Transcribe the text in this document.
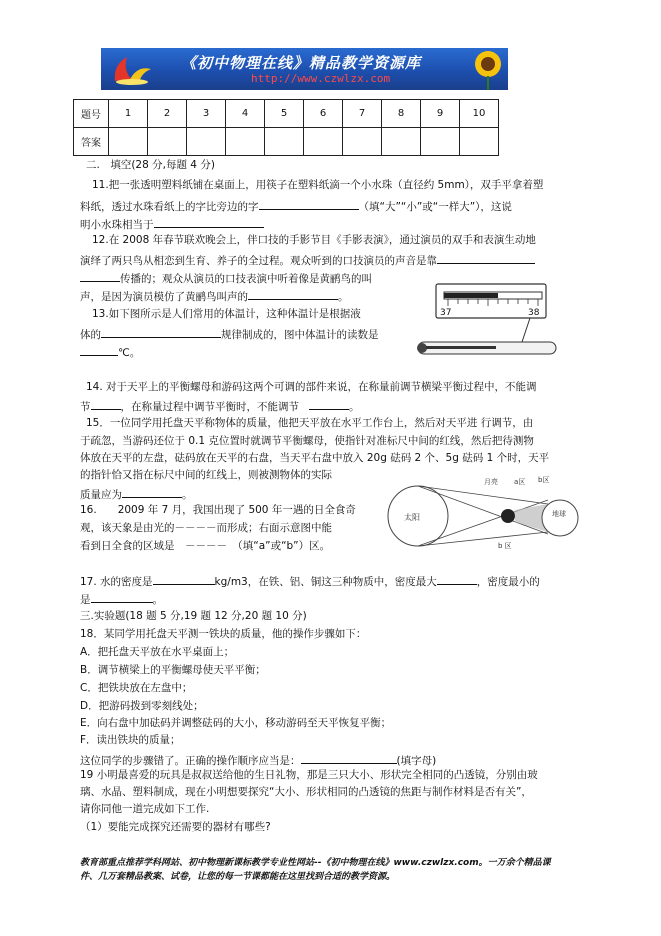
《初中物理在线》精品教学资源库
http://www.czwlzx.com
题号	1	2	3	4	5	6	7	8	9	10
答案										
二.　填空(28 分,每题 4 分)
11.把一张透明塑料纸铺在桌面上，用筷子在塑料纸滴一个小水珠（直径约 5mm），双手平拿着塑
料纸，透过水珠看纸上的字比旁边的字	（填“大”“小”或“一样大”），这说
明小水珠相当于
12.在 2008 年春节联欢晚会上，伴口技的手影节目《手影表演》，通过演员的双手和表演生动地
演绎了两只鸟从相恋到生育、养子的全过程。观众听到的口技演员的声音是靠
传播的；观众从演员的口技表演中听着像是黄鹂鸟的叫
声，是因为演员模仿了黄鹂鸟叫声的	。
13.如下图所示是人们常用的体温计，这种体温计是根据液
体的	规律制成的，图中体温计的读数是
℃。
37	38
14. 对于天平上的平衡螺母和游码这两个可调的部件来说，在称量前调节横梁平衡过程中，不能调
节	，在称量过程中调节平衡时，不能调节	。
15．一位同学用托盘天平称物体的质量，他把天平放在水平工作台上，然后对天平进 行调节，由
于疏忽，当游码还位于 0.1 克位置时就调节平衡螺母，使指针对准标尺中间的红线，然后把待测物
体放在天平的左盘，砝码放在天平的右盘，当天平右盘中放入 20g 砝码 2 个、5g 砝码 1 个时，天平
的指针恰又指在标尺中间的红线上，则被测物体的实际
质量应为	。
16.　　2009 年 7 月，我国出现了 500 年一遇的日全食奇
观，该天象是由光的－－－－而形成；右面示意图中能
看到日全食的区域是　－－－－　（填“a”或“b”）区。
太阳	地球
月亮 a区 b区
b 区
17. 水的密度是	kg/m3，在铁、铝、铜这三种物质中，密度最大	，密度最小的
是	。
三.实验题(18 题 5 分,19 题 12 分,20 题 10 分)
18．某同学用托盘天平测一铁块的质量，他的操作步骤如下：
A．把托盘天平放在水平桌面上；
B．调节横梁上的平衡螺母使天平平衡；
C．把铁块放在左盘中；
D．把游码拨到零刻线处；
E．向右盘中加砝码并调整砝码的大小，移动游码至天平恢复平衡；
F．读出铁块的质量；
这位同学的步骤错了。正确的操作顺序应当是：	(填字母)
19 小明最喜爱的玩具是叔叔送给他的生日礼物，那是三只大小、形状完全相同的凸透镜，分别由玻
璃、水晶、塑料制成，现在小明想要探究“大小、形状相同的凸透镜的焦距与制作材料是否有关”，
请你同他一道完成如下工作.
（1）要能完成探究还需要的器材有哪些?
教育部重点推荐学科网站、初中物理新课标教学专业性网站--《初中物理在线》www.czwlzx.com。一万余个精品课
件、几万套精品教案、试卷，让您的每一节课都能在这里找到合适的教学资源。
